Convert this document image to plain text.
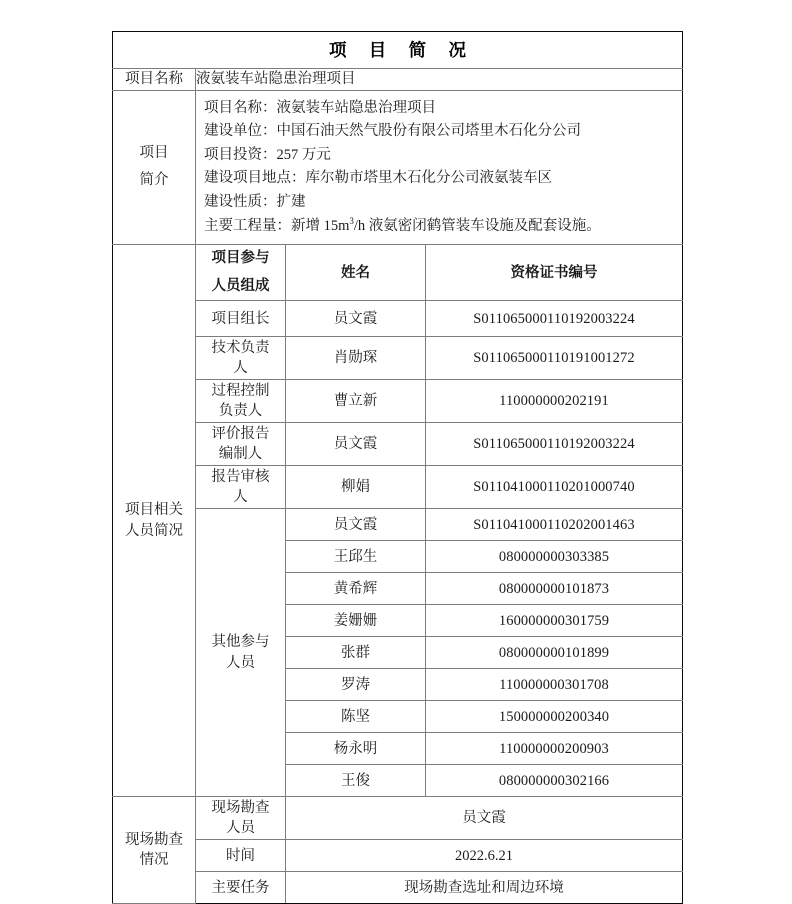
项 目 简 况			
项目名称	液氨装车站隐患治理项目		

项目
简介

项目名称：液氨装车站隐患治理项目
建设单位：中国石油天然气股份有限公司塔里木石化分公司
项目投资：257 万元
建设项目地点：库尔勒市塔里木石化分公司液氨装车区
建设性质：扩建
主要工程量：新增 $15m^3/h$ 液氨密闭鹤管装车设施及配套设施。

项目相关
人员简况	项目参与
人员组成	姓名	资格证书编号
	项目组长	员文霞	S011065000110192003224
	技术负责
人	肖勋琛	S011065000110191001272
	过程控制
负责人	曹立新	110000000202191
	评价报告
编制人	员文霞	S011065000110192003224
	报告审核
人	柳娟	S011041000110201000740
	其他参与
人员	员文霞	S011041000110202001463
		王邱生	080000000303385
		黄希辉	080000000101873
		姜姗姗	160000000301759
		张群	080000000101899
		罗涛	110000000301708
		陈坚	150000000200340
		杨永明	110000000200903
		王俊	080000000302166

现场勘查
情况	现场勘查
人员	员文霞	
	时间	2022.6.21	
	主要任务	现场勘查选址和周边环境	
